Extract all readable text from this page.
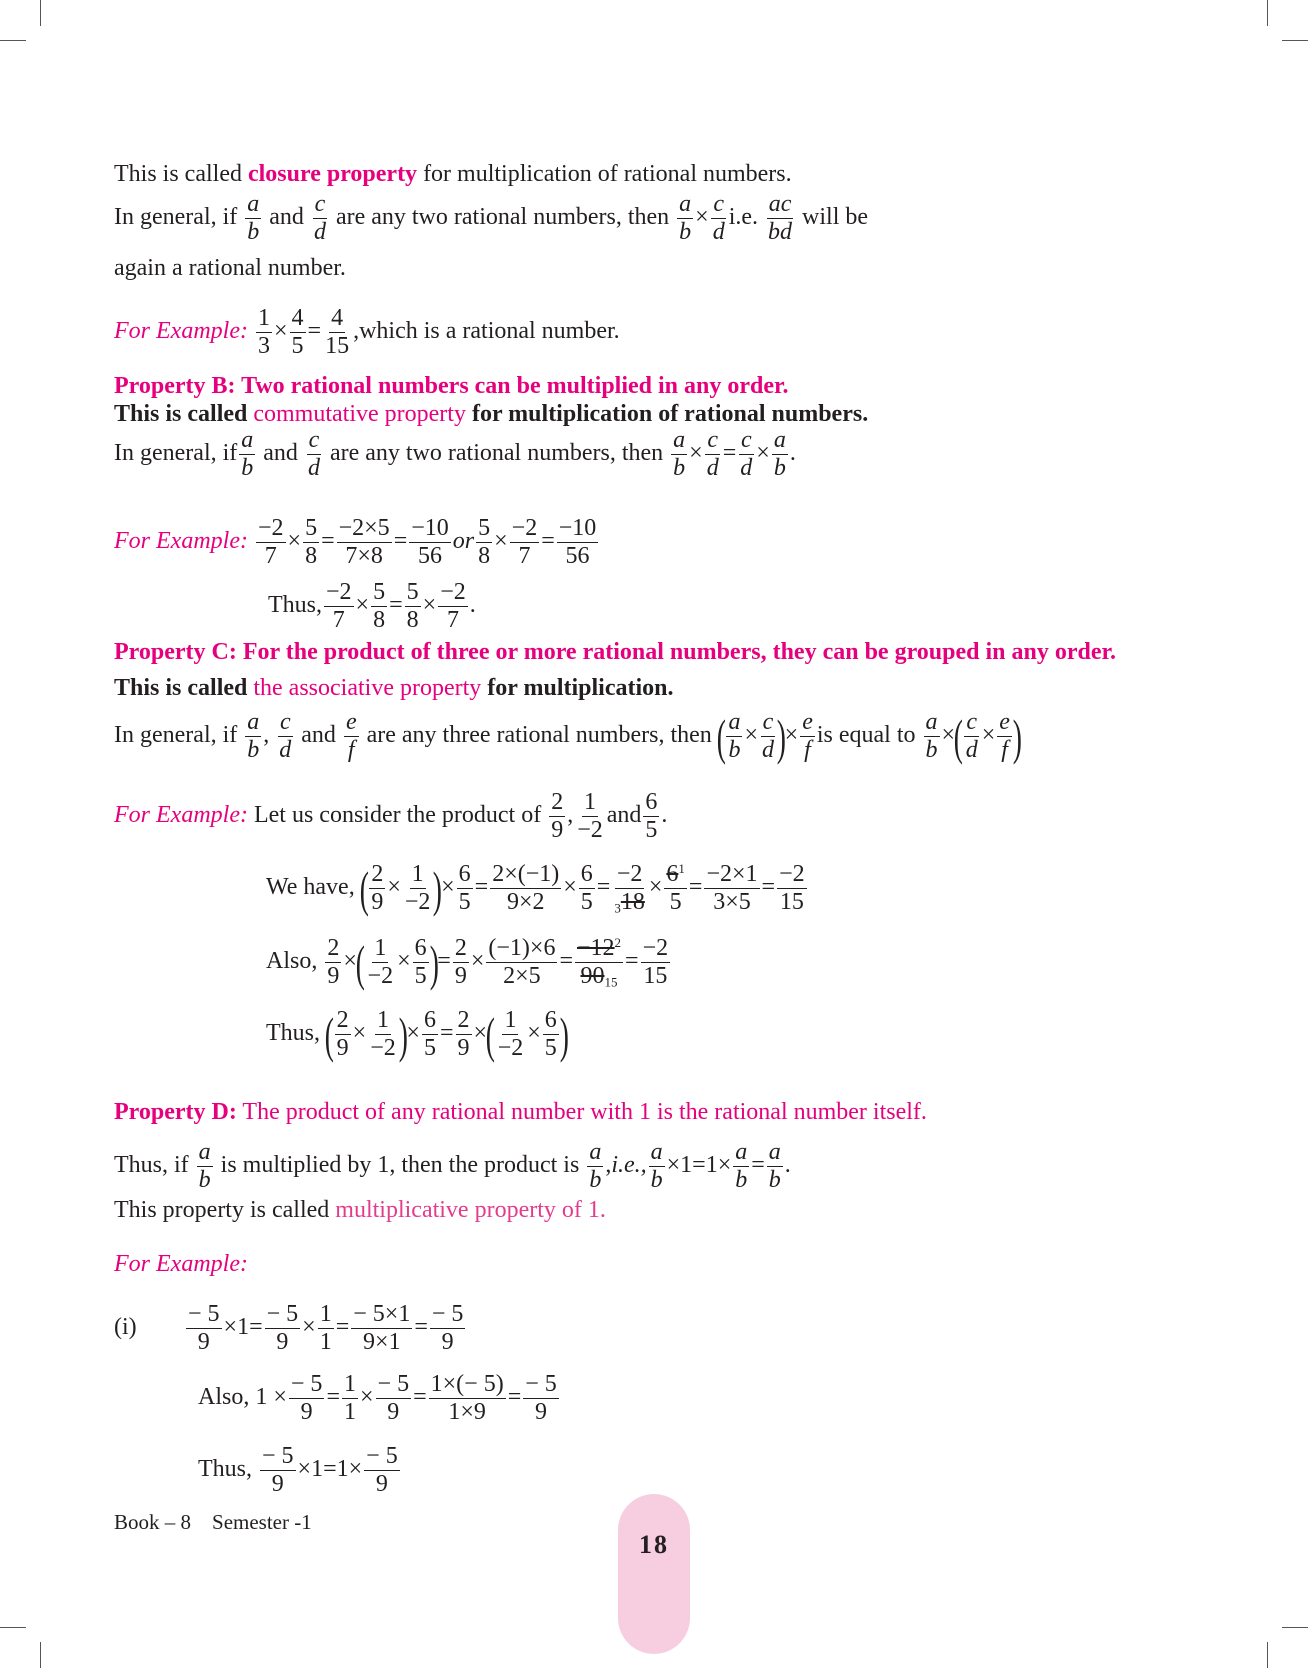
This is called closure property for multiplication of rational numbers.
In general, if $\frac{a}{b}$ and $\frac{c}{d}$ are any two rational numbers, then $\frac{a}{b} \times \frac{c}{d} i.e$. $\frac{ac}{bd}$ will be
again a rational number.
For Example: $\frac{1}{3} \times \frac{4}{5} = \frac{4}{15}$ ,which is a rational number.
Property B: Two rational numbers can be multiplied in any order.
This is called commutative property for multiplication of rational numbers.
In general, if $\frac{a}{b}$ and $\frac{c}{d}$ are any two rational numbers, then $\frac{a}{b} \times \frac{c}{d} = \frac{c}{d} \times \frac{a}{b}$ .
For Example: $\frac{-2}{7} \times \frac{5}{8} = \frac{-2\times 5}{7\times 8} = \frac{-10}{56}$ or $\frac{5}{8} \times \frac{-2}{7} = \frac{-10}{56}$
Thus, $\frac{-2}{7} \times \frac{5}{8} = \frac{5}{8} \times \frac{-2}{7}$ .
Property C: For the product of three or more rational numbers, they can be grouped in any order.
This is called the associative property for multiplication.
In general, if $\frac{a}{b}$ , $\frac{c}{d}$ and $\frac{e}{f}$ are any three rational numbers, then ( $\frac{a}{b} \times \frac{c}{d}$ )× $\frac{e}{f}$ is equal to $\frac{a}{b}$ ×( $\frac{c}{d} \times \frac{e}{f}$ )
For Example: Let us consider the product of $\frac{2}{9}$ , $\frac{1}{-2}$ and $\frac{6}{5}$ .
We have, ( $\frac{2}{9} \times \frac{1}{-2}$ )× $\frac{6}{5} = \frac{2\times(-1)}{9\times 2} \times \frac{6}{5} = \frac{-2}{318} \times \frac{6^1}{5} = \frac{-2\times 1}{3\times 5} = \frac{-2}{15}$
Also, $\frac{2}{9}$ ×( $\frac{1}{-2} \times \frac{6}{5}$ )= $\frac{2}{9} \times \frac{(-1)\times 6}{2\times 5} = \frac{-12^2}{9015} = \frac{-2}{15}$
Thus, ( $\frac{2}{9} \times \frac{1}{-2}$ )× $\frac{6}{5} = \frac{2}{9}$ ×( $\frac{1}{-2} \times \frac{6}{5}$ )
Property D: The product of any rational number with 1 is the rational number itself.
Thus, if $\frac{a}{b}$ is multiplied by 1, then the product is $\frac{a}{b} ,i.e$., $\frac{a}{b} \times 1=1\times \frac{a}{b} = \frac{a}{b}$ .
This property is called multiplicative property of 1.
For Example:
$(i) \frac{- 5}{9} \times 1= \frac{- 5}{9} \times \frac{1}{1} = \frac{- 5\times 1}{9\times 1} = \frac{- 5}{9}$
Also, $1 \times \frac{- 5}{9} = \frac{1}{1} \times \frac{- 5}{9} = \frac{1\times(- 5)}{1\times 9} = \frac{- 5}{9}$
Thus, $\frac{- 5}{9} \times 1=1\times \frac{- 5}{9}$
Book – 8 Semester -1
18
